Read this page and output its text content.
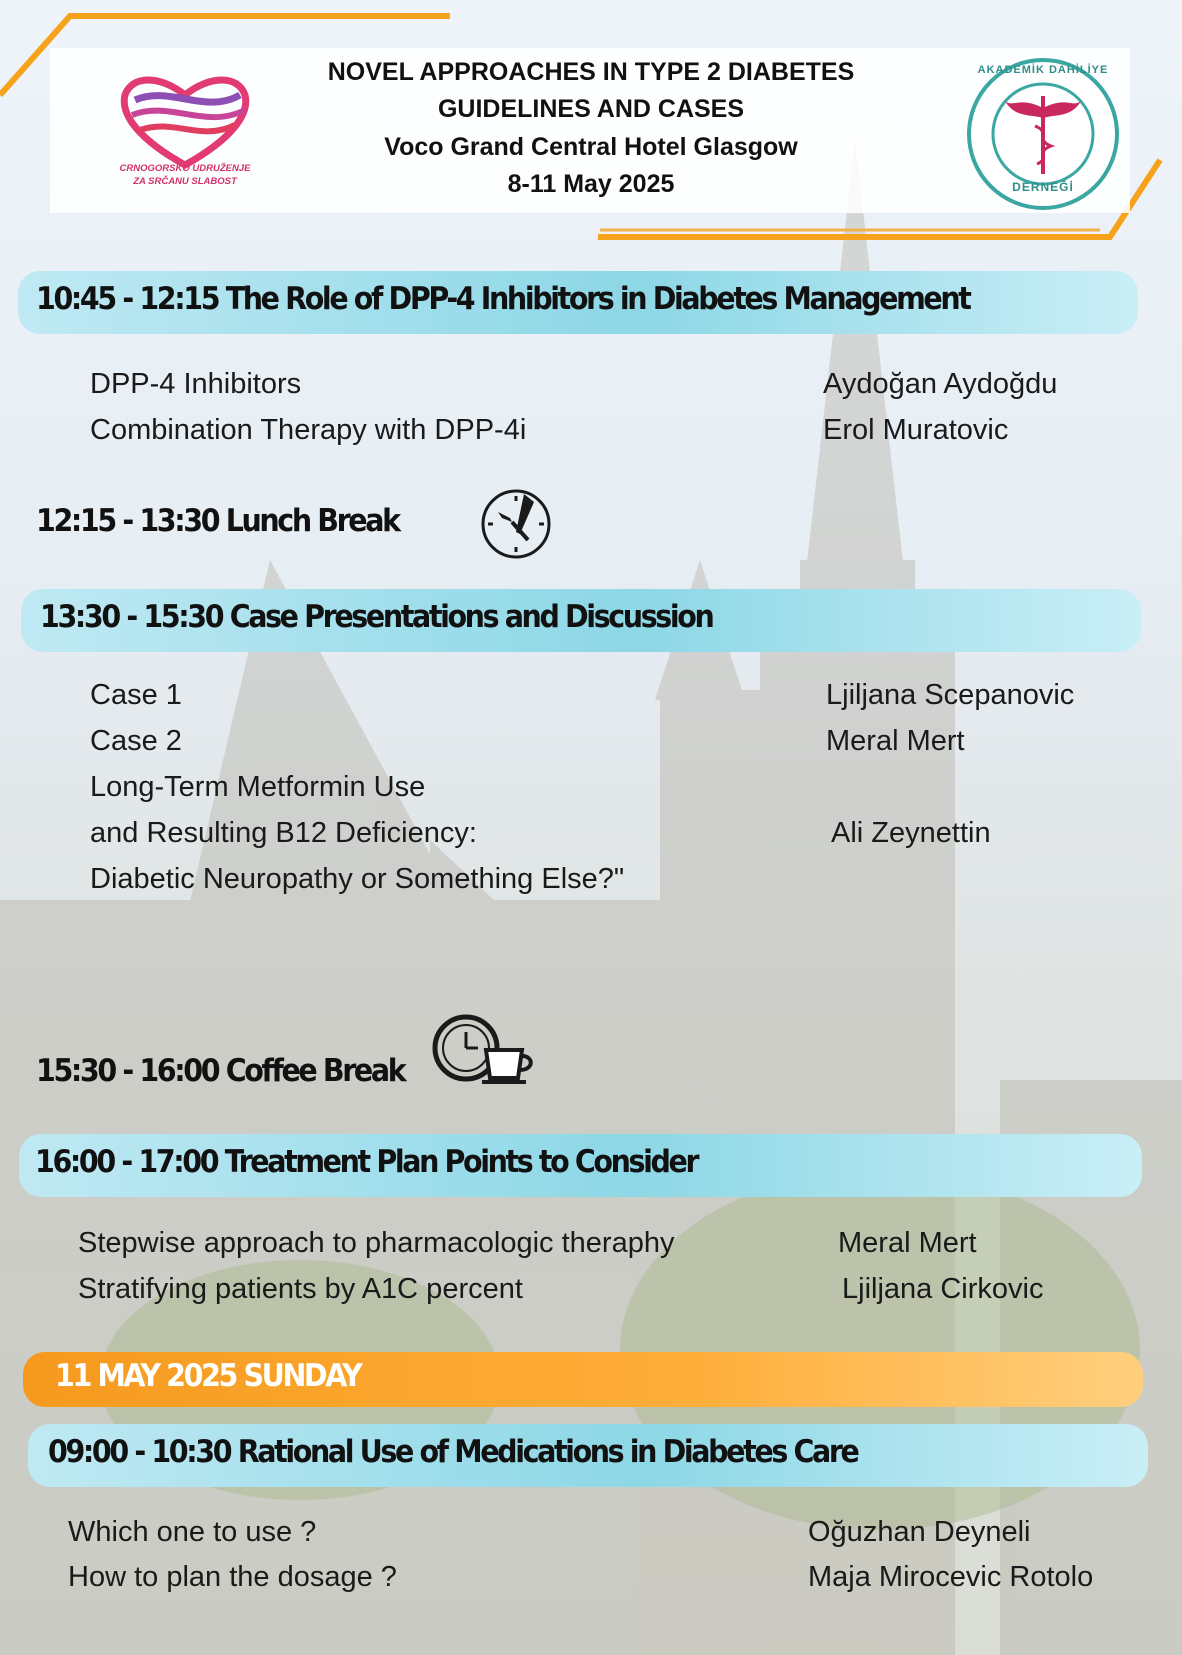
CRNOGORSKO UDRUŽENJE
ZA SRČANU SLABOST
AKADEMİK DAHİLİYE
DERNEĞİ
NOVEL APPROACHES IN TYPE 2 DIABETES
GUIDELINES AND CASES
Voco Grand Central Hotel Glasgow
8-11 May 2025
10:45 - 12:15 The Role of DPP-4 Inhibitors in Diabetes Management
DPP-4 Inhibitors	Aydoğan Aydoğdu
Combination Therapy with DPP-4i	Erol Muratovic
12:15 - 13:30 Lunch Break
13:30 - 15:30 Case Presentations and Discussion
Case 1	Ljiljana Scepanovic
Case 2	Meral Mert
Long-Term Metformin Use
and Resulting B12 Deficiency:	Ali Zeynettin
Diabetic Neuropathy or Something Else?"
15:30 - 16:00 Coffee Break
16:00 - 17:00 Treatment Plan Points to Consider
Stepwise approach to pharmacologic theraphy	Meral Mert
Stratifying patients by A1C percent	Ljiljana Cirkovic
11 MAY 2025 SUNDAY
09:00 - 10:30 Rational Use of Medications in Diabetes Care
Which one to use ?	Oğuzhan Deyneli
How to plan the dosage ?	Maja Mirocevic Rotolo
